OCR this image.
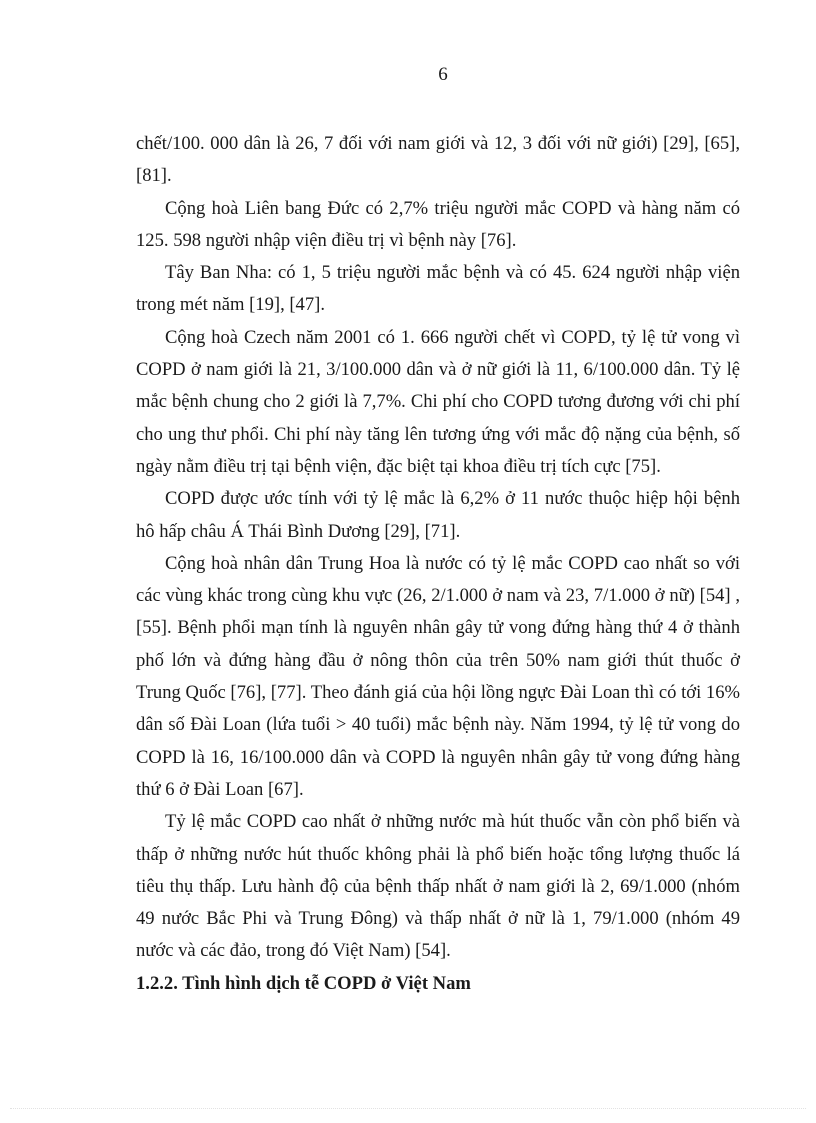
6

chết/100. 000 dân là 26, 7 đối với nam giới và 12, 3 đối với nữ giới) [29], [65], [81].

Cộng hoà Liên bang Đức có 2,7% triệu người mắc COPD và hàng năm có 125. 598 người nhập viện điều trị vì bệnh này [76].

Tây Ban Nha: có 1, 5 triệu người mắc bệnh và có 45. 624 người nhập viện trong mét năm [19], [47].

Cộng hoà Czech năm 2001 có 1. 666 người chết vì COPD, tỷ lệ tử vong vì COPD ở nam giới là 21, 3/100.000 dân và ở nữ giới là 11, 6/100.000 dân. Tỷ lệ mắc bệnh chung cho 2 giới là 7,7%. Chi phí cho COPD tương đương với chi phí cho ung thư phổi. Chi phí này tăng lên tương ứng với mắc độ nặng của bệnh, số ngày nằm điều trị tại bệnh viện, đặc biệt tại khoa điều trị tích cực [75].

COPD được ước tính với tỷ lệ mắc là 6,2% ở 11 nước thuộc hiệp hội bệnh hô hấp châu Á Thái Bình Dương [29], [71].

Cộng hoà nhân dân Trung Hoa là nước có tỷ lệ mắc COPD cao nhất so với các vùng khác trong cùng khu vực (26, 2/1.000 ở nam và 23, 7/1.000 ở nữ) [54] , [55]. Bệnh phổi mạn tính là nguyên nhân gây tử vong đứng hàng thứ 4 ở thành phố lớn và đứng hàng đầu ở nông thôn của trên 50% nam giới thút thuốc ở Trung Quốc [76], [77]. Theo đánh giá của hội lồng ngực Đài Loan thì có tới 16% dân số Đài Loan (lứa tuổi > 40 tuổi) mắc bệnh này. Năm 1994, tỷ lệ tử vong do COPD là 16, 16/100.000 dân và COPD là nguyên nhân gây tử vong đứng hàng thứ 6 ở Đài Loan [67].

Tỷ lệ mắc COPD cao nhất ở những nước mà hút thuốc vẫn còn phổ biến và thấp ở những nước hút thuốc không phải là phổ biến hoặc tổng lượng thuốc lá tiêu thụ thấp. Lưu hành độ của bệnh thấp nhất ở nam giới là 2, 69/1.000 (nhóm 49 nước Bắc Phi và Trung Đông) và thấp nhất ở nữ là 1, 79/1.000 (nhóm 49 nước và các đảo, trong đó Việt Nam) [54].

1.2.2. Tình hình dịch tễ COPD ở Việt Nam
